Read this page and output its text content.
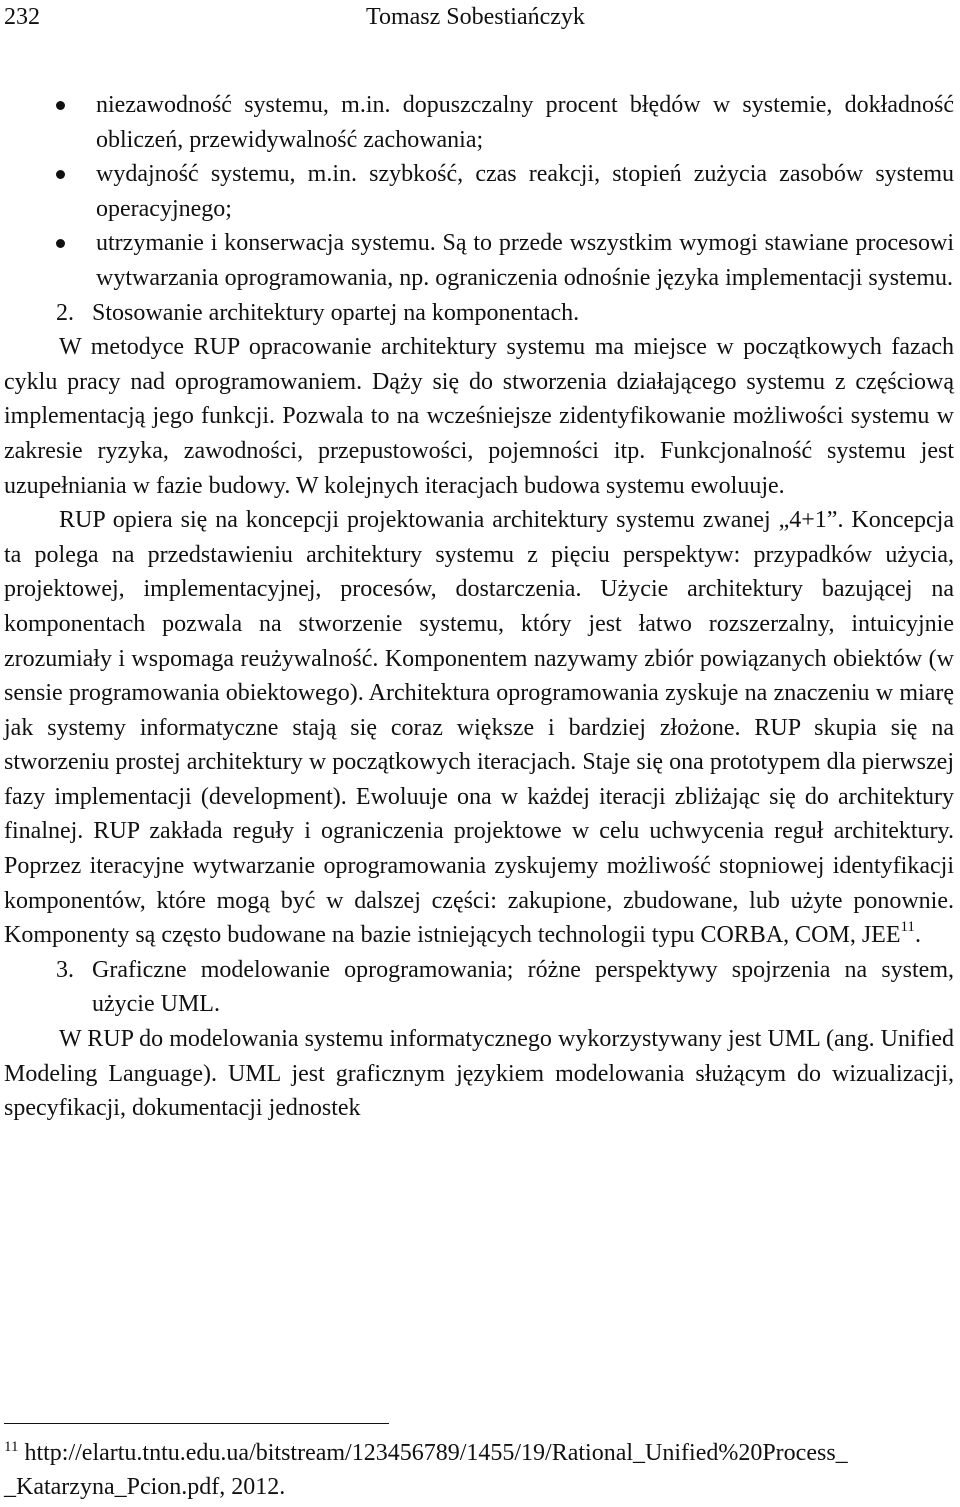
232	Tomasz Sobestiańczyk
niezawodność systemu, m.in. dopuszczalny procent błędów w systemie, dokładność obliczeń, przewidywalność zachowania;
wydajność systemu, m.in. szybkość, czas reakcji, stopień zużycia zasobów systemu operacyjnego;
utrzymanie i konserwacja systemu. Są to przede wszystkim wymogi stawiane procesowi wytwarzania oprogramowania, np. ograniczenia odnośnie języka implementacji systemu.
2. Stosowanie architektury opartej na komponentach.

W metodyce RUP opracowanie architektury systemu ma miejsce w początkowych fazach cyklu pracy nad oprogramowaniem. Dąży się do stworzenia działającego systemu z częściową implementacją jego funkcji. Pozwala to na wcześniejsze zidentyfikowanie możliwości systemu w zakresie ryzyka, zawodności, przepustowości, pojemności itp. Funkcjonalność systemu jest uzupełniania w fazie budowy. W kolejnych iteracjach budowa systemu ewoluuje.

RUP opiera się na koncepcji projektowania architektury systemu zwanej „4+1”. Koncepcja ta polega na przedstawieniu architektury systemu z pięciu perspektyw: przypadków użycia, projektowej, implementacyjnej, procesów, dostarczenia. Użycie architektury bazującej na komponentach pozwala na stworzenie systemu, który jest łatwo rozszerzalny, intuicyjnie zrozumiały i wspomaga reużywalność. Komponentem nazywamy zbiór powiązanych obiektów (w sensie programowania obiektowego). Architektura oprogramowania zyskuje na znaczeniu w miarę jak systemy informatyczne stają się coraz większe i bardziej złożone. RUP skupia się na stworzeniu prostej architektury w początkowych iteracjach. Staje się ona prototypem dla pierwszej fazy implementacji (development). Ewoluuje ona w każdej iteracji zbliżając się do architektury finalnej. RUP zakłada reguły i ograniczenia projektowe w celu uchwycenia reguł architektury. Poprzez iteracyjne wytwarzanie oprogramowania zyskujemy możliwość stopniowej identyfikacji komponentów, które mogą być w dalszej części: zakupione, zbudowane, lub użyte ponownie. Komponenty są często budowane na bazie istniejących technologii typu CORBA, COM, JEE$^{11}$.

3. Graficzne modelowanie oprogramowania; różne perspektywy spojrzenia na system, użycie UML.

W RUP do modelowania systemu informatycznego wykorzystywany jest UML (ang. Unified Modeling Language). UML jest graficznym językiem modelowania służącym do wizualizacji, specyfikacji, dokumentacji jednostek

$^{11}$ http://elartu.tntu.edu.ua/bitstream/123456789/1455/19/Rational_Unified%20Process_ _Katarzyna_Pcion.pdf, 2012.
